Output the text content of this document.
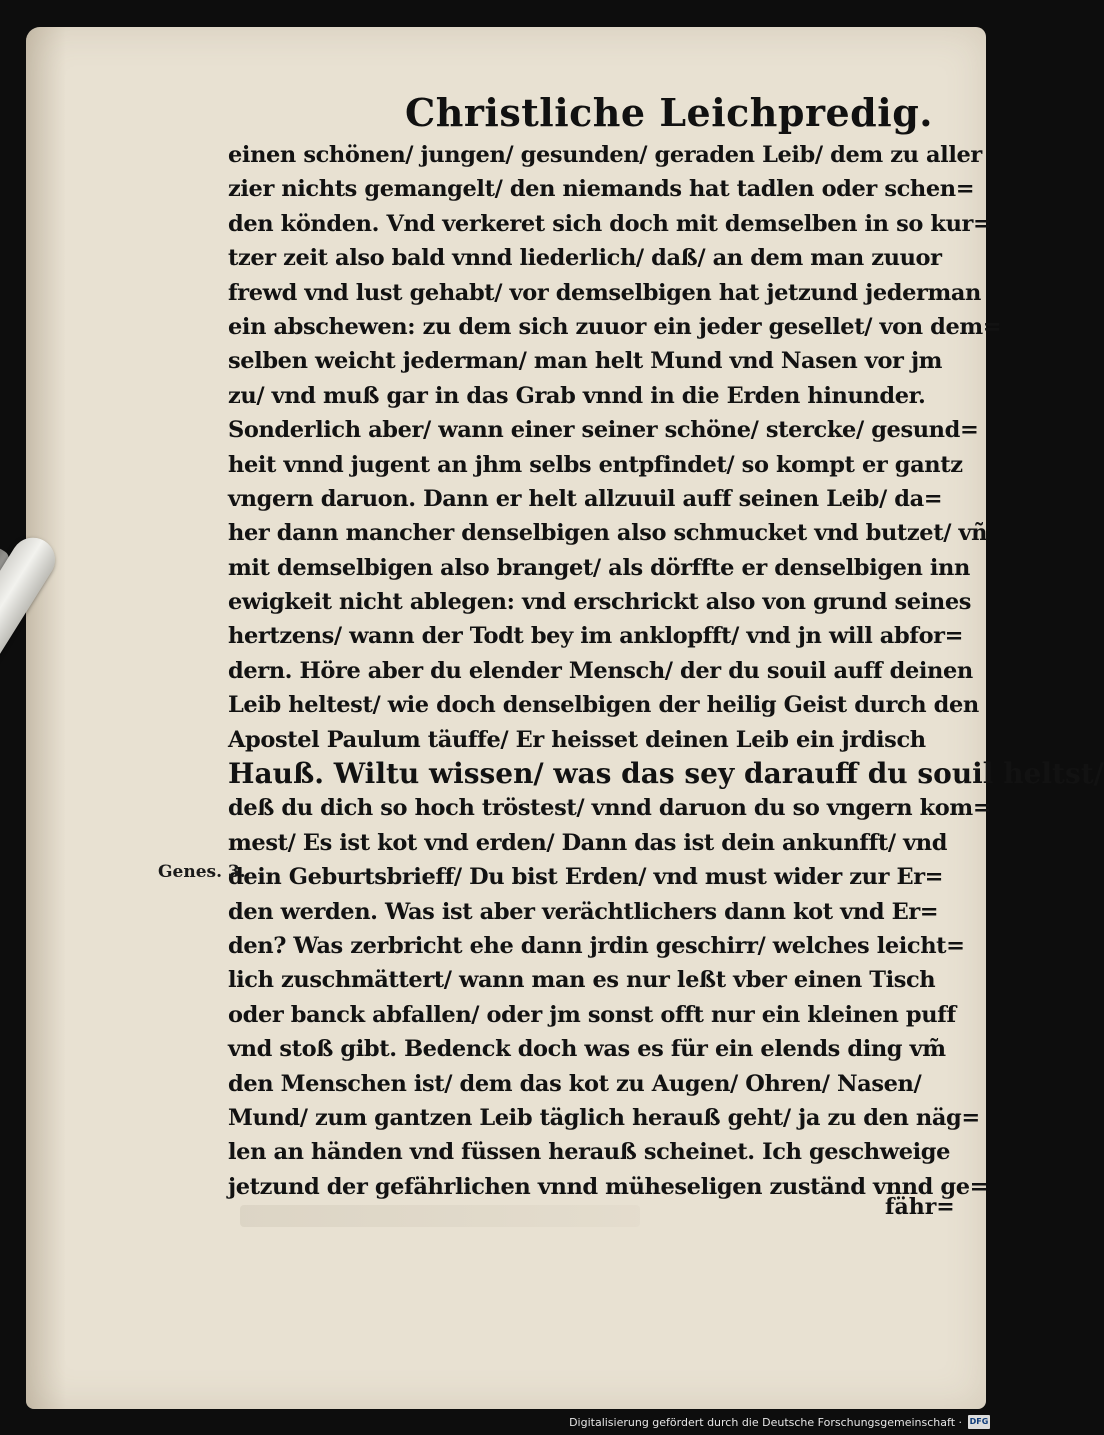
Christliche Leichpredig.
einen schönen/ jungen/ gesunden/ geraden Leib/ dem zu aller
zier nichts gemangelt/ den niemands hat tadlen oder schen=
den könden. Vnd verkeret sich doch mit demselben in so kur=
tzer zeit also bald vnnd liederlich/ daß/ an dem man zuuor
frewd vnd lust gehabt/ vor demselbigen hat jetzund jederman
ein abschewen: zu dem sich zuuor ein jeder gesellet/ von dem=
selben weicht jederman/ man helt Mund vnd Nasen vor jm
zu/ vnd muß gar in das Grab vnnd in die Erden hinunder.
Sonderlich aber/ wann einer seiner schöne/ stercke/ gesund=
heit vnnd jugent an jhm selbs entpfindet/ so kompt er gantz
vngern daruon. Dann er helt allzuuil auff seinen Leib/ da=
her dann mancher denselbigen also schmucket vnd butzet/ vñ
mit demselbigen also branget/ als dörffte er denselbigen inn
ewigkeit nicht ablegen: vnd erschrickt also von grund seines
hertzens/ wann der Todt bey im anklopfft/ vnd jn will abfor=
dern. Höre aber du elender Mensch/ der du souil auff deinen
Leib heltest/ wie doch denselbigen der heilig Geist durch den
Apostel Paulum täuffe/ Er heisset deinen Leib ein jrdisch
Hauß. Wiltu wissen/ was das sey darauff du souil heltst/
deß du dich so hoch tröstest/ vnnd daruon du so vngern kom=
mest/ Es ist kot vnd erden/ Dann das ist dein ankunfft/ vnd
dein Geburtsbrieff/ Du bist Erden/ vnd must wider zur Er=
den werden. Was ist aber verächtlichers dann kot vnd Er=
den? Was zerbricht ehe dann jrdin geschirr/ welches leicht=
lich zuschmättert/ wann man es nur leßt vber einen Tisch
oder banck abfallen/ oder jm sonst offt nur ein kleinen puff
vnd stoß gibt. Bedenck doch was es für ein elends ding vm̃
den Menschen ist/ dem das kot zu Augen/ Ohren/ Nasen/
Mund/ zum gantzen Leib täglich herauß geht/ ja zu den näg=
len an händen vnd füssen herauß scheinet. Ich geschweige
jetzund der gefährlichen vnnd müheseligen zuständ vnnd ge=
Genes. 3.
fähr=
Digitalisierung gefördert durch die Deutsche Forschungsgemeinschaft · DFG
